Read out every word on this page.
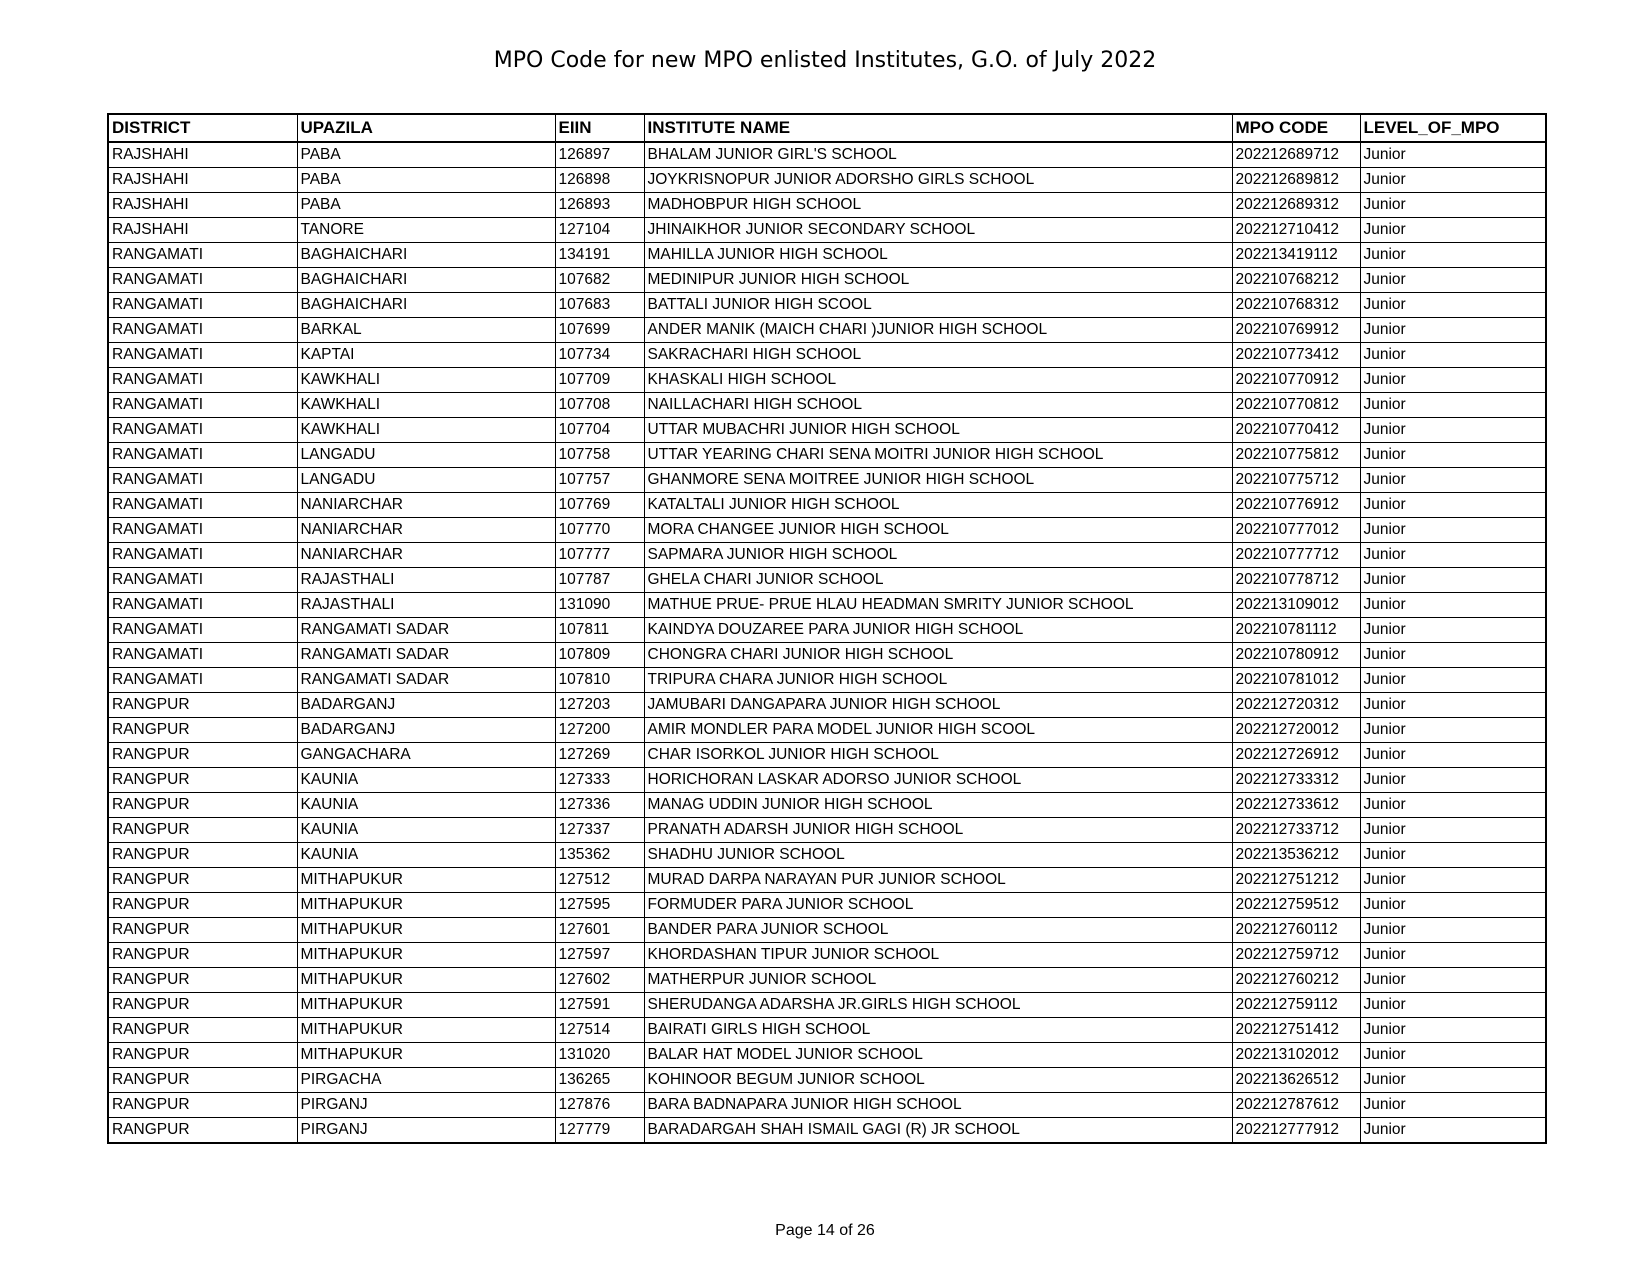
MPO Code for new MPO enlisted Institutes, G.O. of July 2022
DISTRICT	UPAZILA	EIIN	INSTITUTE NAME	MPO CODE	LEVEL_OF_MPO
RAJSHAHI	PABA	126897	BHALAM JUNIOR GIRL'S SCHOOL	202212689712	Junior
RAJSHAHI	PABA	126898	JOYKRISNOPUR JUNIOR ADORSHO GIRLS SCHOOL	202212689812	Junior
RAJSHAHI	PABA	126893	MADHOBPUR HIGH SCHOOL	202212689312	Junior
RAJSHAHI	TANORE	127104	JHINAIKHOR JUNIOR SECONDARY SCHOOL	202212710412	Junior
RANGAMATI	BAGHAICHARI	134191	MAHILLA JUNIOR HIGH SCHOOL	202213419112	Junior
RANGAMATI	BAGHAICHARI	107682	MEDINIPUR JUNIOR HIGH SCHOOL	202210768212	Junior
RANGAMATI	BAGHAICHARI	107683	BATTALI JUNIOR HIGH SCOOL	202210768312	Junior
RANGAMATI	BARKAL	107699	ANDER MANIK (MAICH CHARI )JUNIOR HIGH SCHOOL	202210769912	Junior
RANGAMATI	KAPTAI	107734	SAKRACHARI HIGH SCHOOL	202210773412	Junior
RANGAMATI	KAWKHALI	107709	KHASKALI HIGH SCHOOL	202210770912	Junior
RANGAMATI	KAWKHALI	107708	NAILLACHARI HIGH SCHOOL	202210770812	Junior
RANGAMATI	KAWKHALI	107704	UTTAR MUBACHRI JUNIOR HIGH SCHOOL	202210770412	Junior
RANGAMATI	LANGADU	107758	UTTAR YEARING CHARI SENA MOITRI JUNIOR HIGH SCHOOL	202210775812	Junior
RANGAMATI	LANGADU	107757	GHANMORE SENA MOITREE JUNIOR HIGH SCHOOL	202210775712	Junior
RANGAMATI	NANIARCHAR	107769	KATALTALI JUNIOR HIGH SCHOOL	202210776912	Junior
RANGAMATI	NANIARCHAR	107770	MORA CHANGEE JUNIOR HIGH SCHOOL	202210777012	Junior
RANGAMATI	NANIARCHAR	107777	SAPMARA JUNIOR HIGH SCHOOL	202210777712	Junior
RANGAMATI	RAJASTHALI	107787	GHELA CHARI JUNIOR SCHOOL	202210778712	Junior
RANGAMATI	RAJASTHALI	131090	MATHUE PRUE- PRUE HLAU HEADMAN SMRITY JUNIOR SCHOOL	202213109012	Junior
RANGAMATI	RANGAMATI SADAR	107811	KAINDYA DOUZAREE PARA JUNIOR HIGH SCHOOL	202210781112	Junior
RANGAMATI	RANGAMATI SADAR	107809	CHONGRA CHARI JUNIOR HIGH SCHOOL	202210780912	Junior
RANGAMATI	RANGAMATI SADAR	107810	TRIPURA CHARA JUNIOR HIGH SCHOOL	202210781012	Junior
RANGPUR	BADARGANJ	127203	JAMUBARI DANGAPARA JUNIOR HIGH SCHOOL	202212720312	Junior
RANGPUR	BADARGANJ	127200	AMIR MONDLER PARA MODEL JUNIOR HIGH SCOOL	202212720012	Junior
RANGPUR	GANGACHARA	127269	CHAR ISORKOL JUNIOR HIGH SCHOOL	202212726912	Junior
RANGPUR	KAUNIA	127333	HORICHORAN LASKAR ADORSO JUNIOR SCHOOL	202212733312	Junior
RANGPUR	KAUNIA	127336	MANAG UDDIN JUNIOR HIGH SCHOOL	202212733612	Junior
RANGPUR	KAUNIA	127337	PRANATH ADARSH JUNIOR HIGH SCHOOL	202212733712	Junior
RANGPUR	KAUNIA	135362	SHADHU JUNIOR SCHOOL	202213536212	Junior
RANGPUR	MITHAPUKUR	127512	MURAD DARPA NARAYAN PUR JUNIOR SCHOOL	202212751212	Junior
RANGPUR	MITHAPUKUR	127595	FORMUDER PARA JUNIOR SCHOOL	202212759512	Junior
RANGPUR	MITHAPUKUR	127601	BANDER PARA JUNIOR SCHOOL	202212760112	Junior
RANGPUR	MITHAPUKUR	127597	KHORDASHAN TIPUR JUNIOR SCHOOL	202212759712	Junior
RANGPUR	MITHAPUKUR	127602	MATHERPUR JUNIOR SCHOOL	202212760212	Junior
RANGPUR	MITHAPUKUR	127591	SHERUDANGA ADARSHA JR.GIRLS HIGH SCHOOL	202212759112	Junior
RANGPUR	MITHAPUKUR	127514	BAIRATI GIRLS HIGH SCHOOL	202212751412	Junior
RANGPUR	MITHAPUKUR	131020	BALAR HAT MODEL JUNIOR SCHOOL	202213102012	Junior
RANGPUR	PIRGACHA	136265	KOHINOOR BEGUM JUNIOR SCHOOL	202213626512	Junior
RANGPUR	PIRGANJ	127876	BARA BADNAPARA JUNIOR HIGH SCHOOL	202212787612	Junior
RANGPUR	PIRGANJ	127779	BARADARGAH SHAH ISMAIL GAGI (R) JR SCHOOL	202212777912	Junior
Page 14 of 26
